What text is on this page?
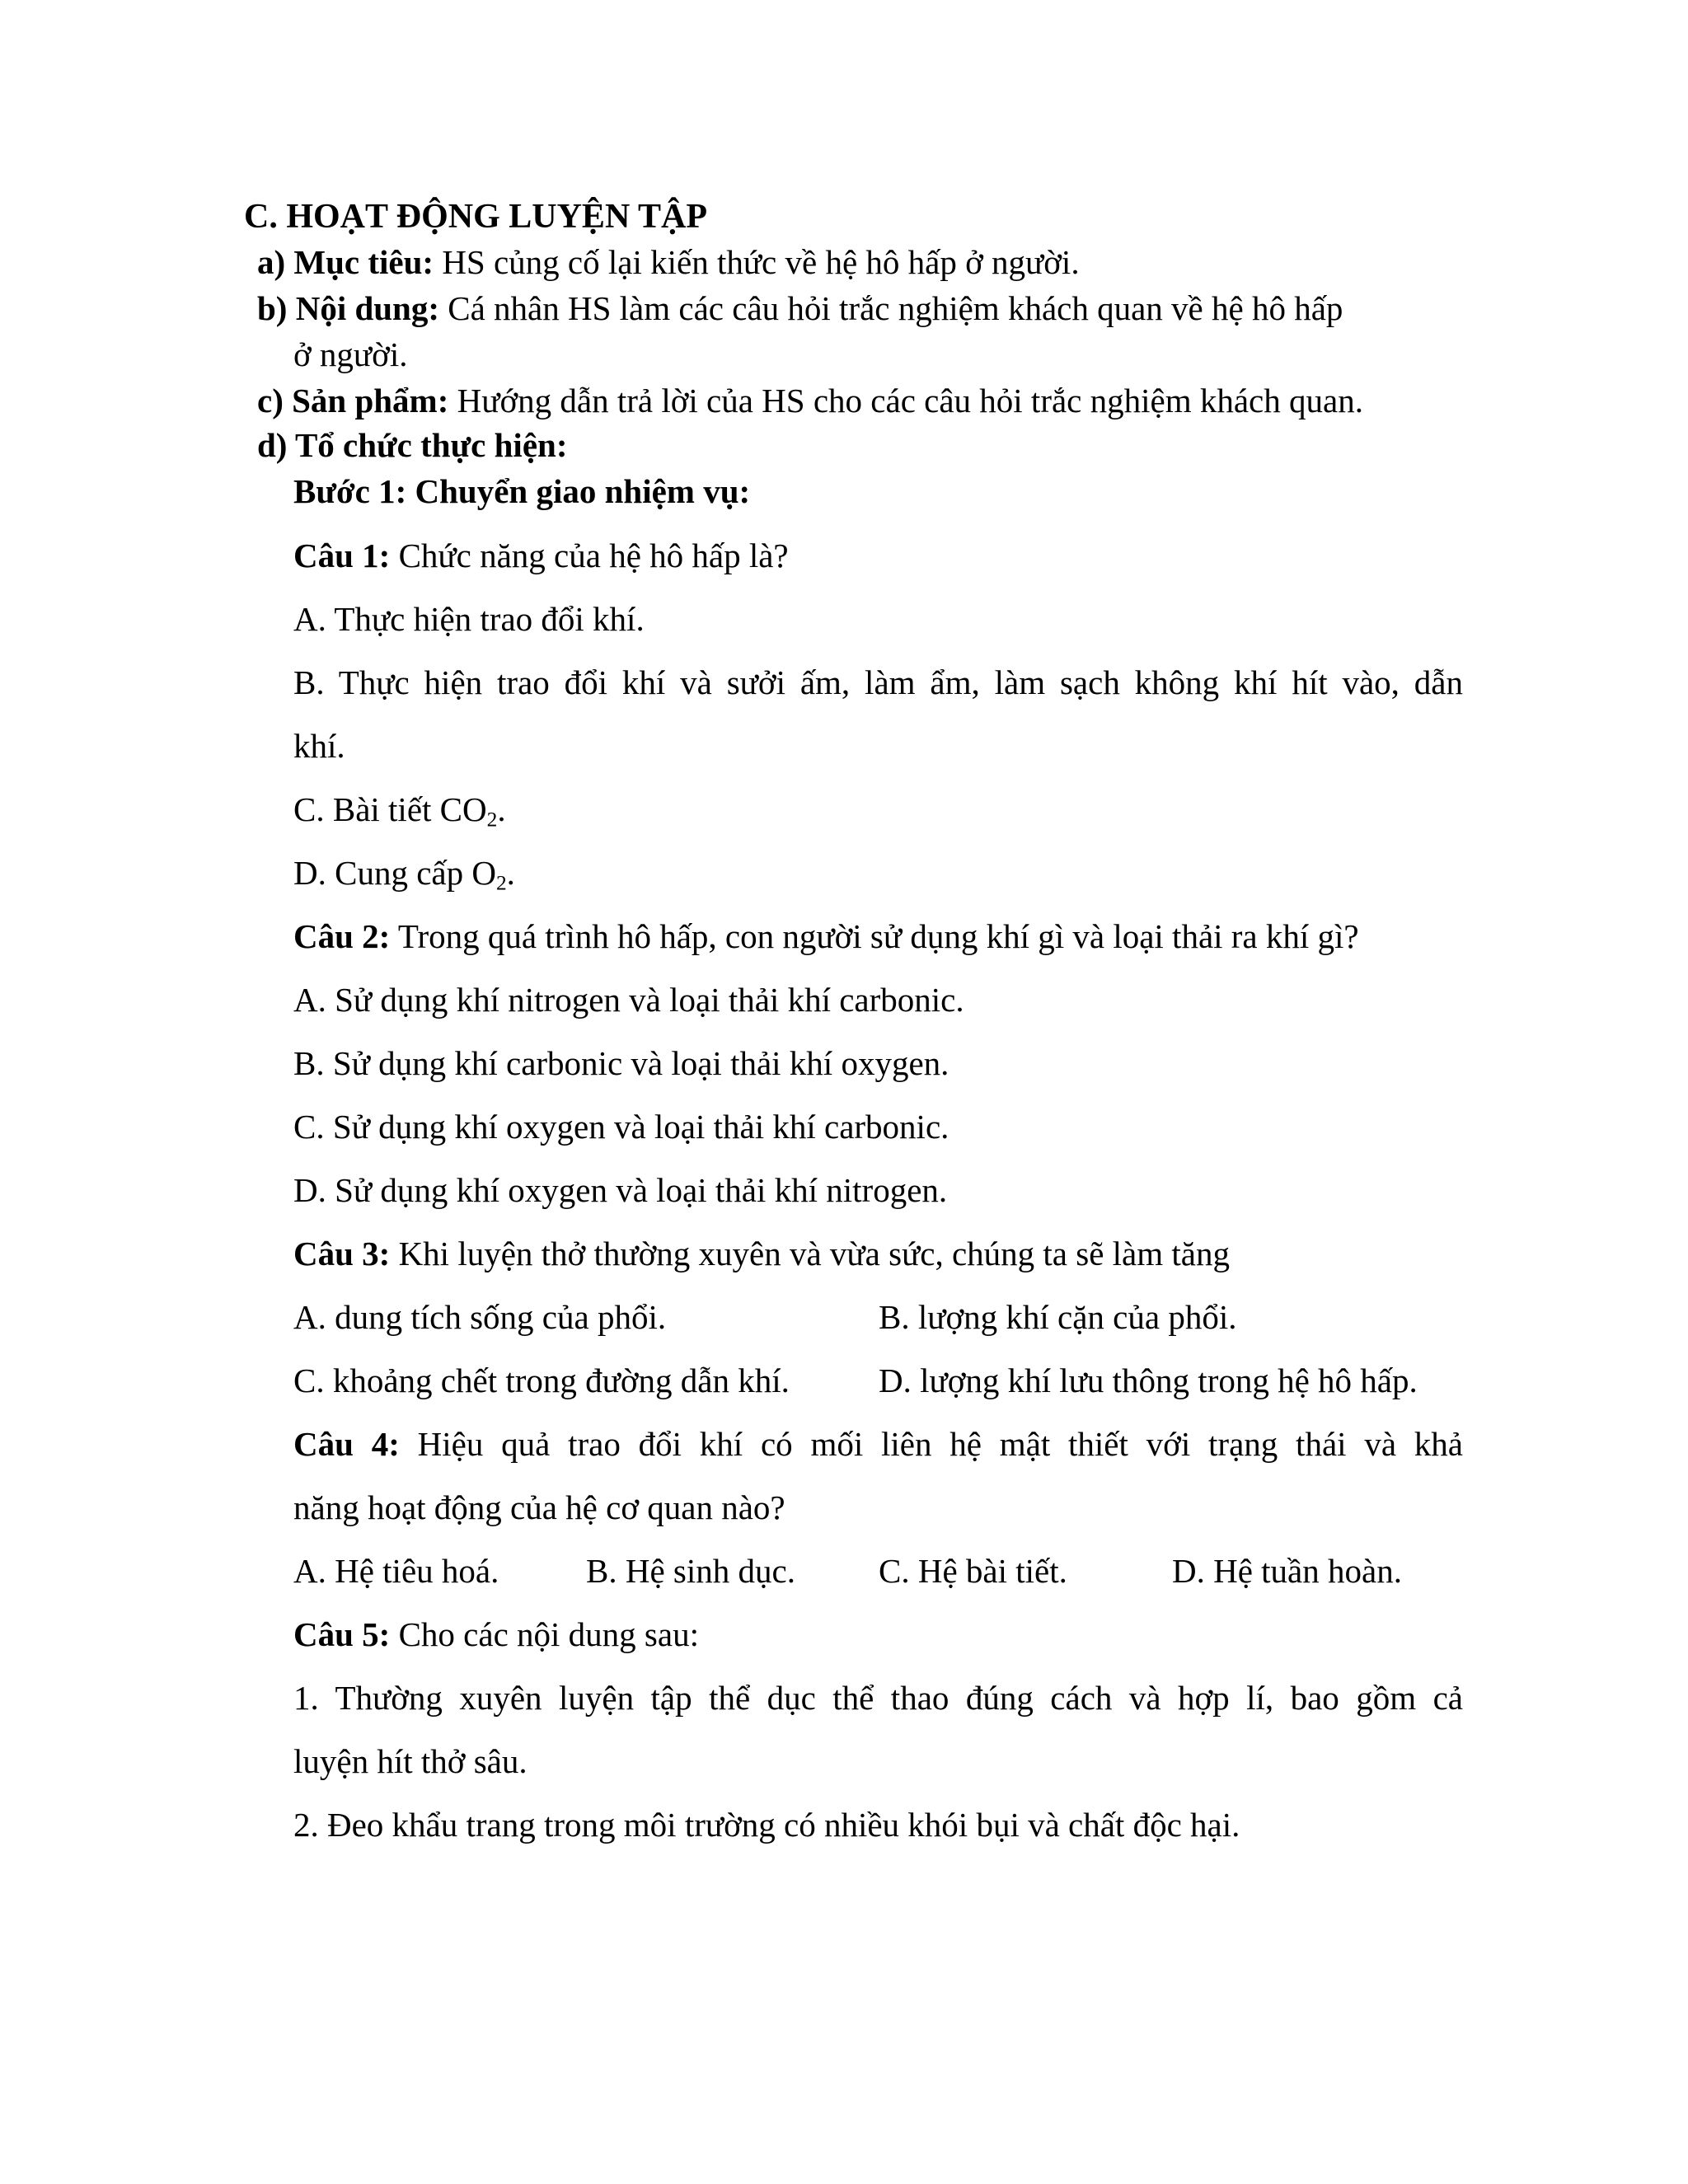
C. HOẠT ĐỘNG LUYỆN TẬP
a) Mục tiêu: HS củng cố lại kiến thức về hệ hô hấp ở người.
b) Nội dung: Cá nhân HS làm các câu hỏi trắc nghiệm khách quan về hệ hô hấp
ở người.
c) Sản phẩm: Hướng dẫn trả lời của HS cho các câu hỏi trắc nghiệm khách quan.
d) Tổ chức thực hiện:
Bước 1: Chuyển giao nhiệm vụ:
Câu 1: Chức năng của hệ hô hấp là?
A. Thực hiện trao đổi khí.
B. Thực hiện trao đổi khí và sưởi ấm, làm ẩm, làm sạch không khí hít vào, dẫn
khí.
C. Bài tiết $CO_2$.
D. Cung cấp $O_2$.
Câu 2: Trong quá trình hô hấp, con người sử dụng khí gì và loại thải ra khí gì?
A. Sử dụng khí nitrogen và loại thải khí carbonic.
B. Sử dụng khí carbonic và loại thải khí oxygen.
C. Sử dụng khí oxygen và loại thải khí carbonic.
D. Sử dụng khí oxygen và loại thải khí nitrogen.
Câu 3: Khi luyện thở thường xuyên và vừa sức, chúng ta sẽ làm tăng
A. dung tích sống của phổi.	B. lượng khí cặn của phổi.
C. khoảng chết trong đường dẫn khí.	D. lượng khí lưu thông trong hệ hô hấp.
Câu 4: Hiệu quả trao đổi khí có mối liên hệ mật thiết với trạng thái và khả
năng hoạt động của hệ cơ quan nào?
A. Hệ tiêu hoá.	B. Hệ sinh dục. C. Hệ bài tiết.	D. Hệ tuần hoàn.
Câu 5: Cho các nội dung sau:
1. Thường xuyên luyện tập thể dục thể thao đúng cách và hợp lí, bao gồm cả
luyện hít thở sâu.
2. Đeo khẩu trang trong môi trường có nhiều khói bụi và chất độc hại.
